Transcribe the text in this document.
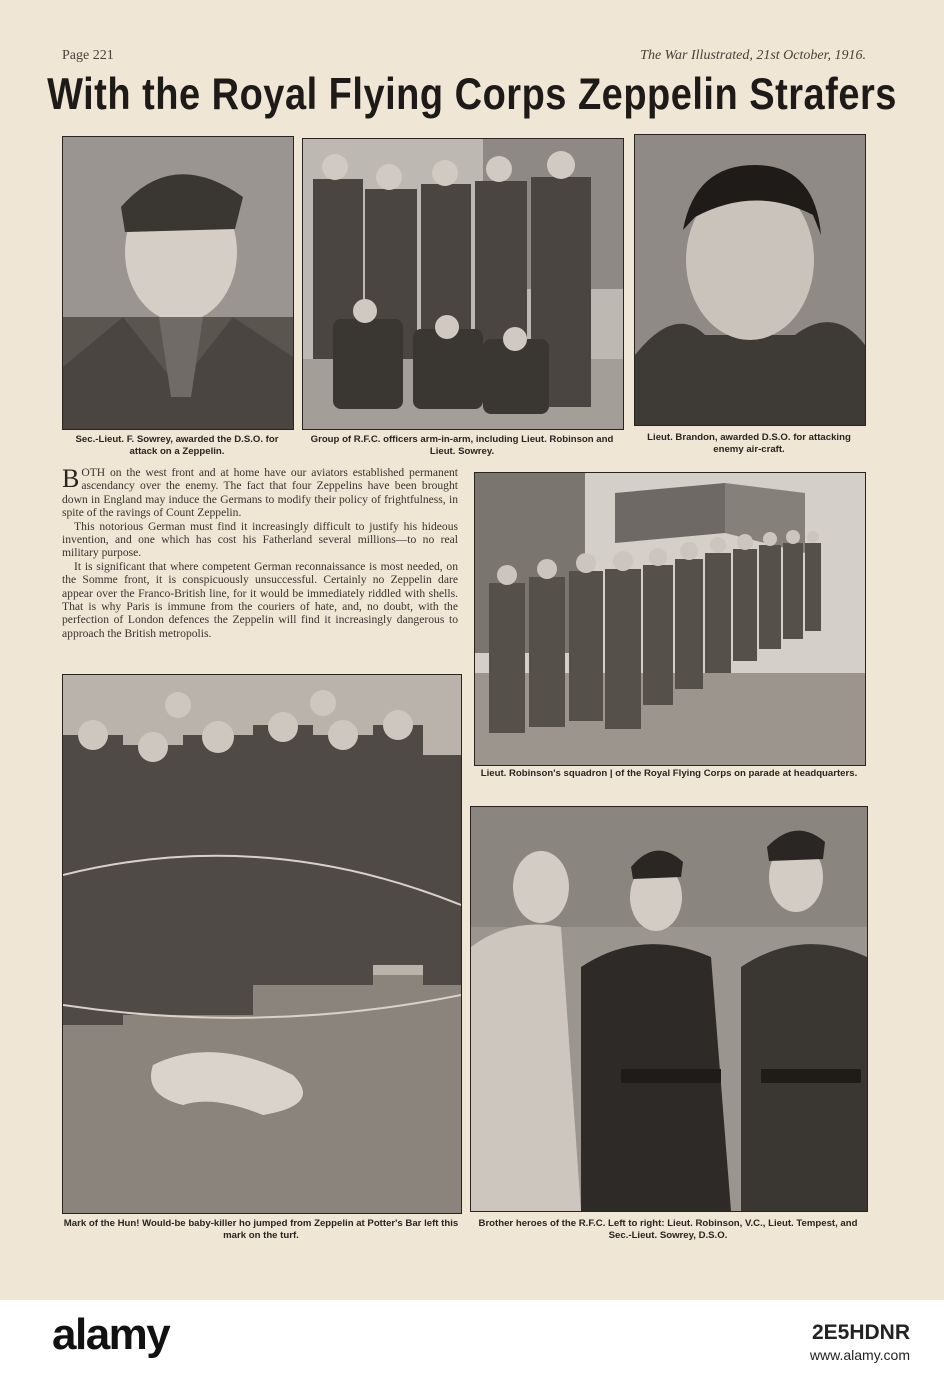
Page 221	The War Illustrated, 21st October, 1916.
With the Royal Flying Corps Zeppelin Strafers
Sec.-Lieut. F. Sowrey, awarded the D.S.O. for attack on a Zeppelin.
Group of R.F.C. officers arm-in-arm, including Lieut. Robinson and Lieut. Sowrey.
Lieut. Brandon, awarded D.S.O. for attacking enemy air-craft.

BOTH on the west front and at home have our aviators established permanent ascendancy over the enemy. The fact that four Zeppelins have been brought down in England may induce the Germans to modify their policy of frightfulness, in spite of the ravings of Count Zeppelin.

This notorious German must find it increasingly difficult to justify his hideous invention, and one which has cost his Fatherland several millions—to no real military purpose.

It is significant that where competent German reconnaissance is most needed, on the Somme front, it is conspicuously unsuccessful. Certainly no Zeppelin dare appear over the Franco-British line, for it would be immediately riddled with shells. That is why Paris is immune from the couriers of hate, and, no doubt, with the perfection of London defences the Zeppelin will find it increasingly dangerous to approach the British metropolis.

Lieut. Robinson's squadron | of the Royal Flying Corps on parade at headquarters.
Mark of the Hun! Would-be baby-killer ho jumped from Zeppelin at Potter's Bar left this mark on the turf.
Brother heroes of the R.F.C. Left to right: Lieut. Robinson, V.C., Lieut. Tempest, and Sec.-Lieut. Sowrey, D.S.O.
alamy	2E5HDNR
www.alamy.com
